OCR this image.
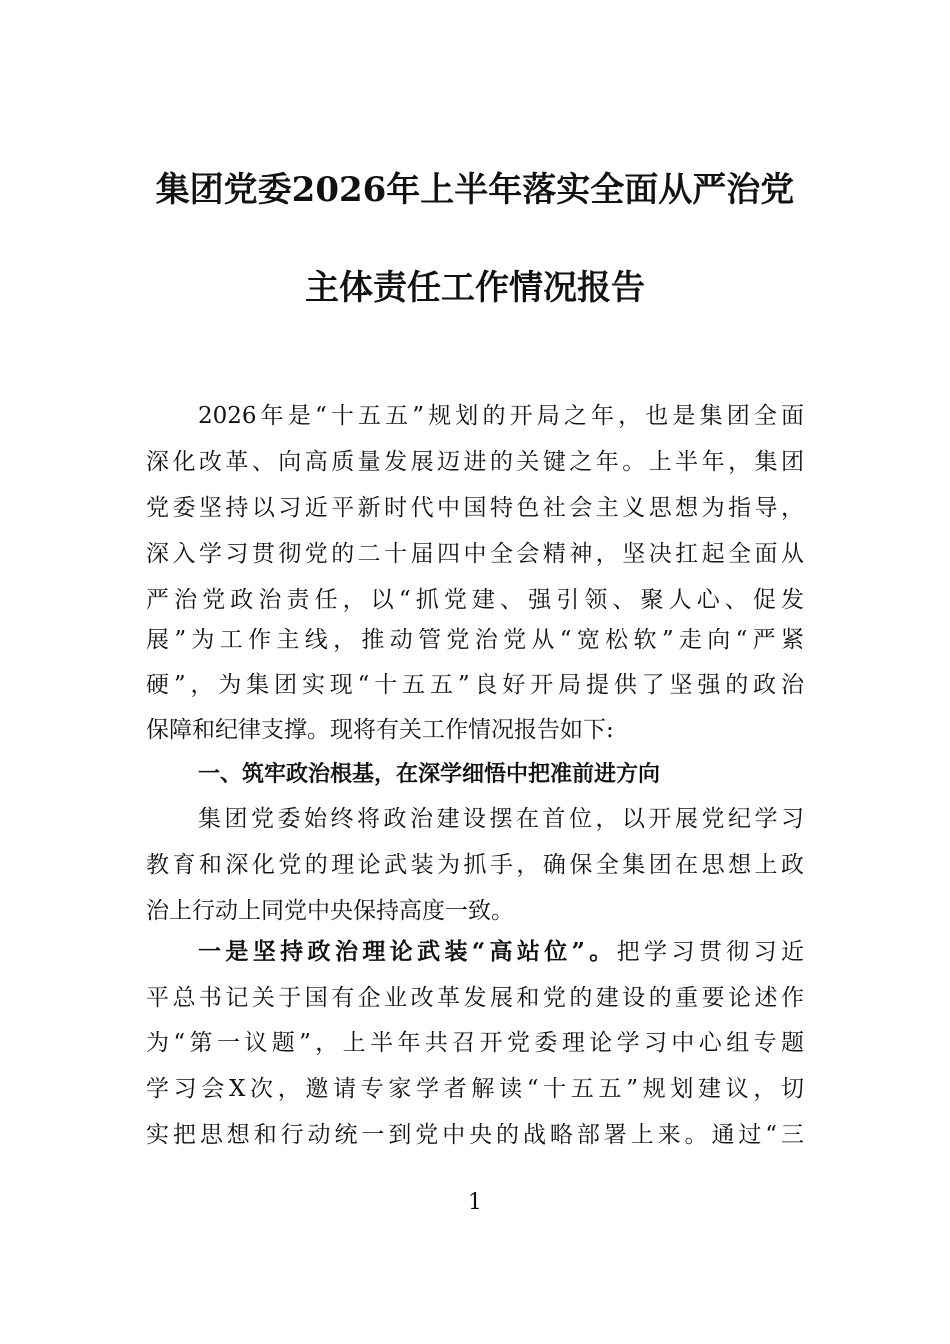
集团党委2026年上半年落实全面从严治党
主体责任工作情况报告
2026年是“十五五”规划的开局之年，也是集团全面
深化改革、向高质量发展迈进的关键之年。上半年，集团
党委坚持以习近平新时代中国特色社会主义思想为指导，
深入学习贯彻党的二十届四中全会精神，坚决扛起全面从
严治党政治责任，以“抓党建、强引领、聚人心、促发
展”为工作主线，推动管党治党从“宽松软”走向“严紧
硬”，为集团实现“十五五”良好开局提供了坚强的政治
保障和纪律支撑。现将有关工作情况报告如下:
一、筑牢政治根基，在深学细悟中把准前进方向
集团党委始终将政治建设摆在首位，以开展党纪学习
教育和深化党的理论武装为抓手，确保全集团在思想上政
治上行动上同党中央保持高度一致。
一是坚持政治理论武装“高站位”。把学习贯彻习近
平总书记关于国有企业改革发展和党的建设的重要论述作
为“第一议题”，上半年共召开党委理论学习中心组专题
学习会X次，邀请专家学者解读“十五五”规划建议，切
实把思想和行动统一到党中央的战略部署上来。通过“三
1
